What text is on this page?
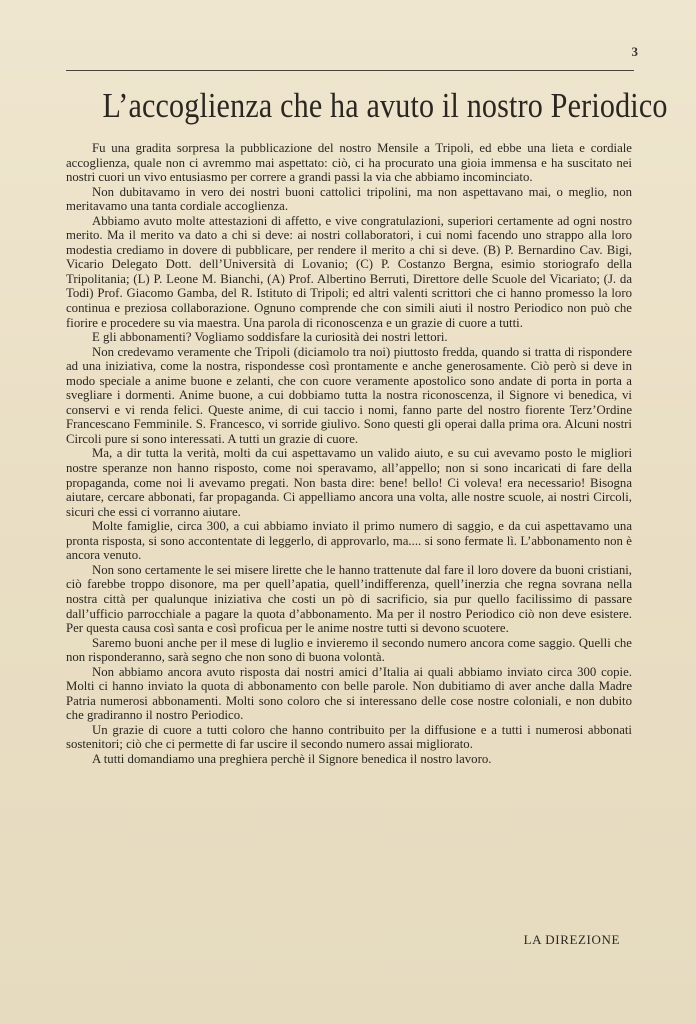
3
L’accoglienza che ha avuto il nostro Periodico

Fu una gradita sorpresa la pubblicazione del nostro Mensile a Tripoli, ed ebbe una lieta e cordiale accoglienza, quale non ci avremmo mai aspettato: ciò, ci ha procurato una gioia immensa e ha suscitato nei nostri cuori un vivo entusiasmo per correre a grandi passi la via che abbiamo incominciato.

Non dubitavamo in vero dei nostri buoni cattolici tripolini, ma non aspettavano mai, o meglio, non meritavamo una tanta cordiale accoglienza.

Abbiamo avuto molte attestazioni di affetto, e vive congratulazioni, superiori certamente ad ogni nostro merito. Ma il merito va dato a chi si deve: ai nostri collaboratori, i cui nomi facendo uno strappo alla loro modestia crediamo in dovere di pubblicare, per rendere il merito a chi si deve. (B) P. Bernardino Cav. Bigi, Vicario Delegato Dott. dell’Università di Lovanio; (C) P. Costanzo Bergna, esimio storiografo della Tripolitania; (L) P. Leone M. Bianchi, (A) Prof. Albertino Berruti, Direttore delle Scuole del Vicariato; (J. da Todi) Prof. Giacomo Gamba, del R. Istituto di Tripoli; ed altri valenti scrittori che ci hanno promesso la loro continua e preziosa collaborazione. Ognuno comprende che con simili aiuti il nostro Periodico non può che fiorire e procedere su via maestra. Una parola di riconoscenza e un grazie di cuore a tutti.

E gli abbonamenti? Vogliamo soddisfare la curiosità dei nostri lettori.

Non credevamo veramente che Tripoli (diciamolo tra noi) piuttosto fredda, quando si tratta di rispondere ad una iniziativa, come la nostra, rispondesse così prontamente e anche generosamente. Ciò però si deve in modo speciale a anime buone e zelanti, che con cuore veramente apostolico sono andate di porta in porta a svegliare i dormenti. Anime buone, a cui dobbiamo tutta la nostra riconoscenza, il Signore vi benedica, vi conservi e vi renda felici. Queste anime, di cui taccio i nomi, fanno parte del nostro fiorente Terz’Ordine Francescano Femminile. S. Francesco, vi sorride giulivo. Sono questi gli operai dalla prima ora. Alcuni nostri Circoli pure si sono interessati. A tutti un grazie di cuore.

Ma, a dir tutta la verità, molti da cui aspettavamo un valido aiuto, e su cui avevamo posto le migliori nostre speranze non hanno risposto, come noi speravamo, all’appello; non si sono incaricati di fare della propaganda, come noi li avevamo pregati. Non basta dire: bene! bello! Ci voleva! era necessario! Bisogna aiutare, cercare abbonati, far propaganda. Ci appelliamo ancora una volta, alle nostre scuole, ai nostri Circoli, sicuri che essi ci vorranno aiutare.

Molte famiglie, circa 300, a cui abbiamo inviato il primo numero di saggio, e da cui aspettavamo una pronta risposta, si sono accontentate di leggerlo, di approvarlo, ma.... si sono fermate lì. L’abbonamento non è ancora venuto.

Non sono certamente le sei misere lirette che le hanno trattenute dal fare il loro dovere da buoni cristiani, ciò farebbe troppo disonore, ma per quell’apatia, quell’indifferenza, quell’inerzia che regna sovrana nella nostra città per qualunque iniziativa che costi un pò di sacrificio, sia pur quello facilissimo di passare dall’ufficio parrocchiale a pagare la quota d’abbonamento. Ma per il nostro Periodico ciò non deve esistere. Per questa causa così santa e così proficua per le anime nostre tutti si devono scuotere.

Saremo buoni anche per il mese di luglio e invieremo il secondo numero ancora come saggio. Quelli che non risponderanno, sarà segno che non sono di buona volontà.

Non abbiamo ancora avuto risposta dai nostri amici d’Italia ai quali abbiamo inviato circa 300 copie. Molti ci hanno inviato la quota di abbonamento con belle parole. Non dubitiamo di aver anche dalla Madre Patria numerosi abbonamenti. Molti sono coloro che si interessano delle cose nostre coloniali, e non dubito che gradiranno il nostro Periodico.

Un grazie di cuore a tutti coloro che hanno contribuito per la diffusione e a tutti i numerosi abbonati sostenitori; ciò che ci permette di far uscire il secondo numero assai migliorato.

A tutti domandiamo una preghiera perchè il Signore benedica il nostro lavoro.

LA DIREZIONE
